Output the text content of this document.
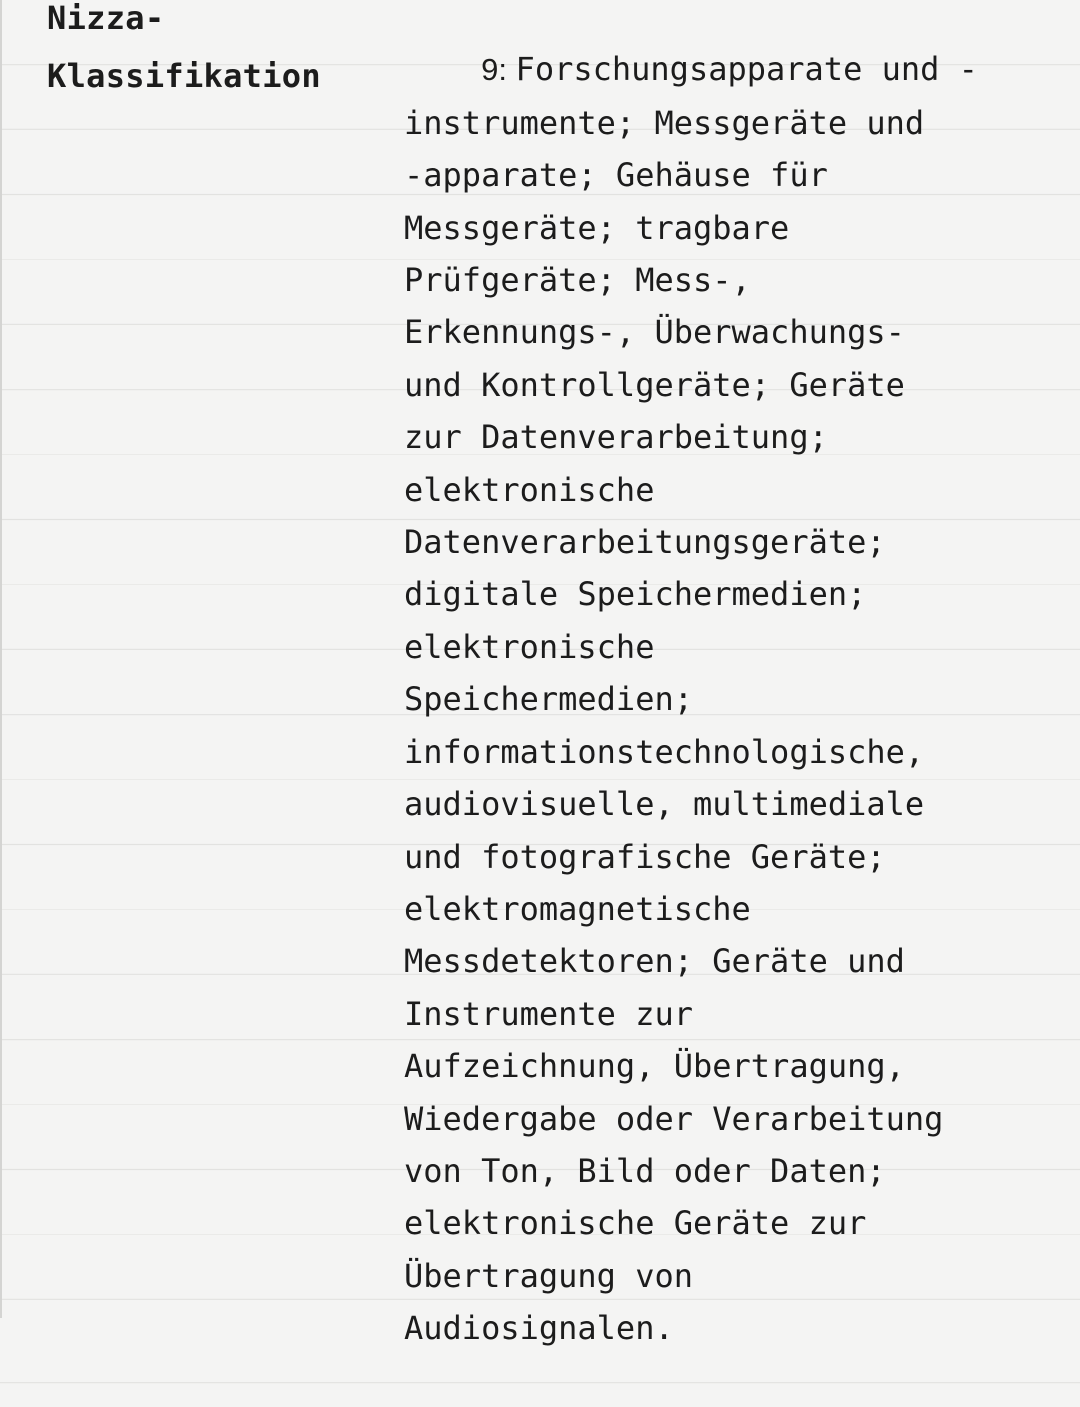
Nizza-
Klassifikation	9: Forschungsapparate und -
instrumente; Messgeräte und
-apparate; Gehäuse für
Messgeräte; tragbare
Prüfgeräte; Mess-,
Erkennungs-, Überwachungs-
und Kontrollgeräte; Geräte
zur Datenverarbeitung;
elektronische
Datenverarbeitungsgeräte;
digitale Speichermedien;
elektronische
Speichermedien;
informationstechnologische,
audiovisuelle, multimediale
und fotografische Geräte;
elektromagnetische
Messdetektoren; Geräte und
Instrumente zur
Aufzeichnung, Übertragung,
Wiedergabe oder Verarbeitung
von Ton, Bild oder Daten;
elektronische Geräte zur
Übertragung von
Audiosignalen.
